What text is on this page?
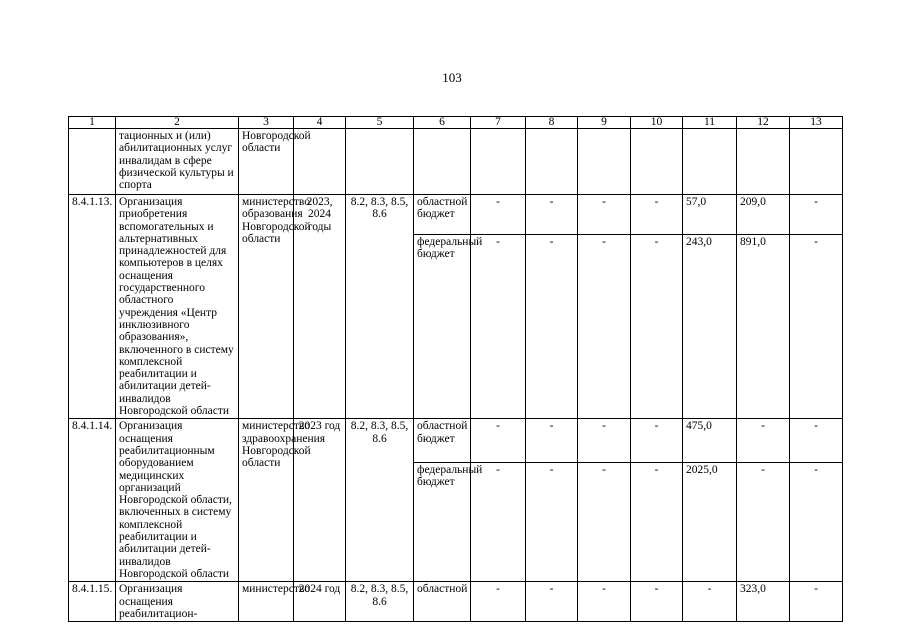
103
1	2	3	4	5	6	7	8	9	10	11	12	13
	тационных и (или) абилитационных услуг инвалидам в сфере физической культуры и спорта	Новгородской области										
8.4.1.13.	Организация приобретения вспомогательных и альтернативных принадлежностей для компьютеров в целях оснащения государственного областного учреждения «Центр инклюзивного образования», включенного в систему комплексной реабилитации и абилитации детей-инвалидов Новгородской области	министерство образования Новгородской области	2023, 2024 годы	8.2, 8.3, 8.5, 8.6	областной бюджет	-	-	-	-	57,0	209,0	-
					федеральный бюджет	-	-	-	-	243,0	891,0	-
8.4.1.14.	Организация оснащения реабилитационным оборудованием медицинских организаций Новгородской области, включенных в систему комплексной реабилитации и абилитации детей-инвалидов Новгородской области	министерство здравоохранения Новгородской области	2023 год	8.2, 8.3, 8.5, 8.6	областной бюджет	-	-	-	-	475,0	-	-
					федеральный бюджет	-	-	-	-	2025,0	-	-
8.4.1.15.	Организация оснащения реабилитацион-	министерство	2024 год	8.2, 8.3, 8.5, 8.6	областной	-	-	-	-	-	323,0	-
